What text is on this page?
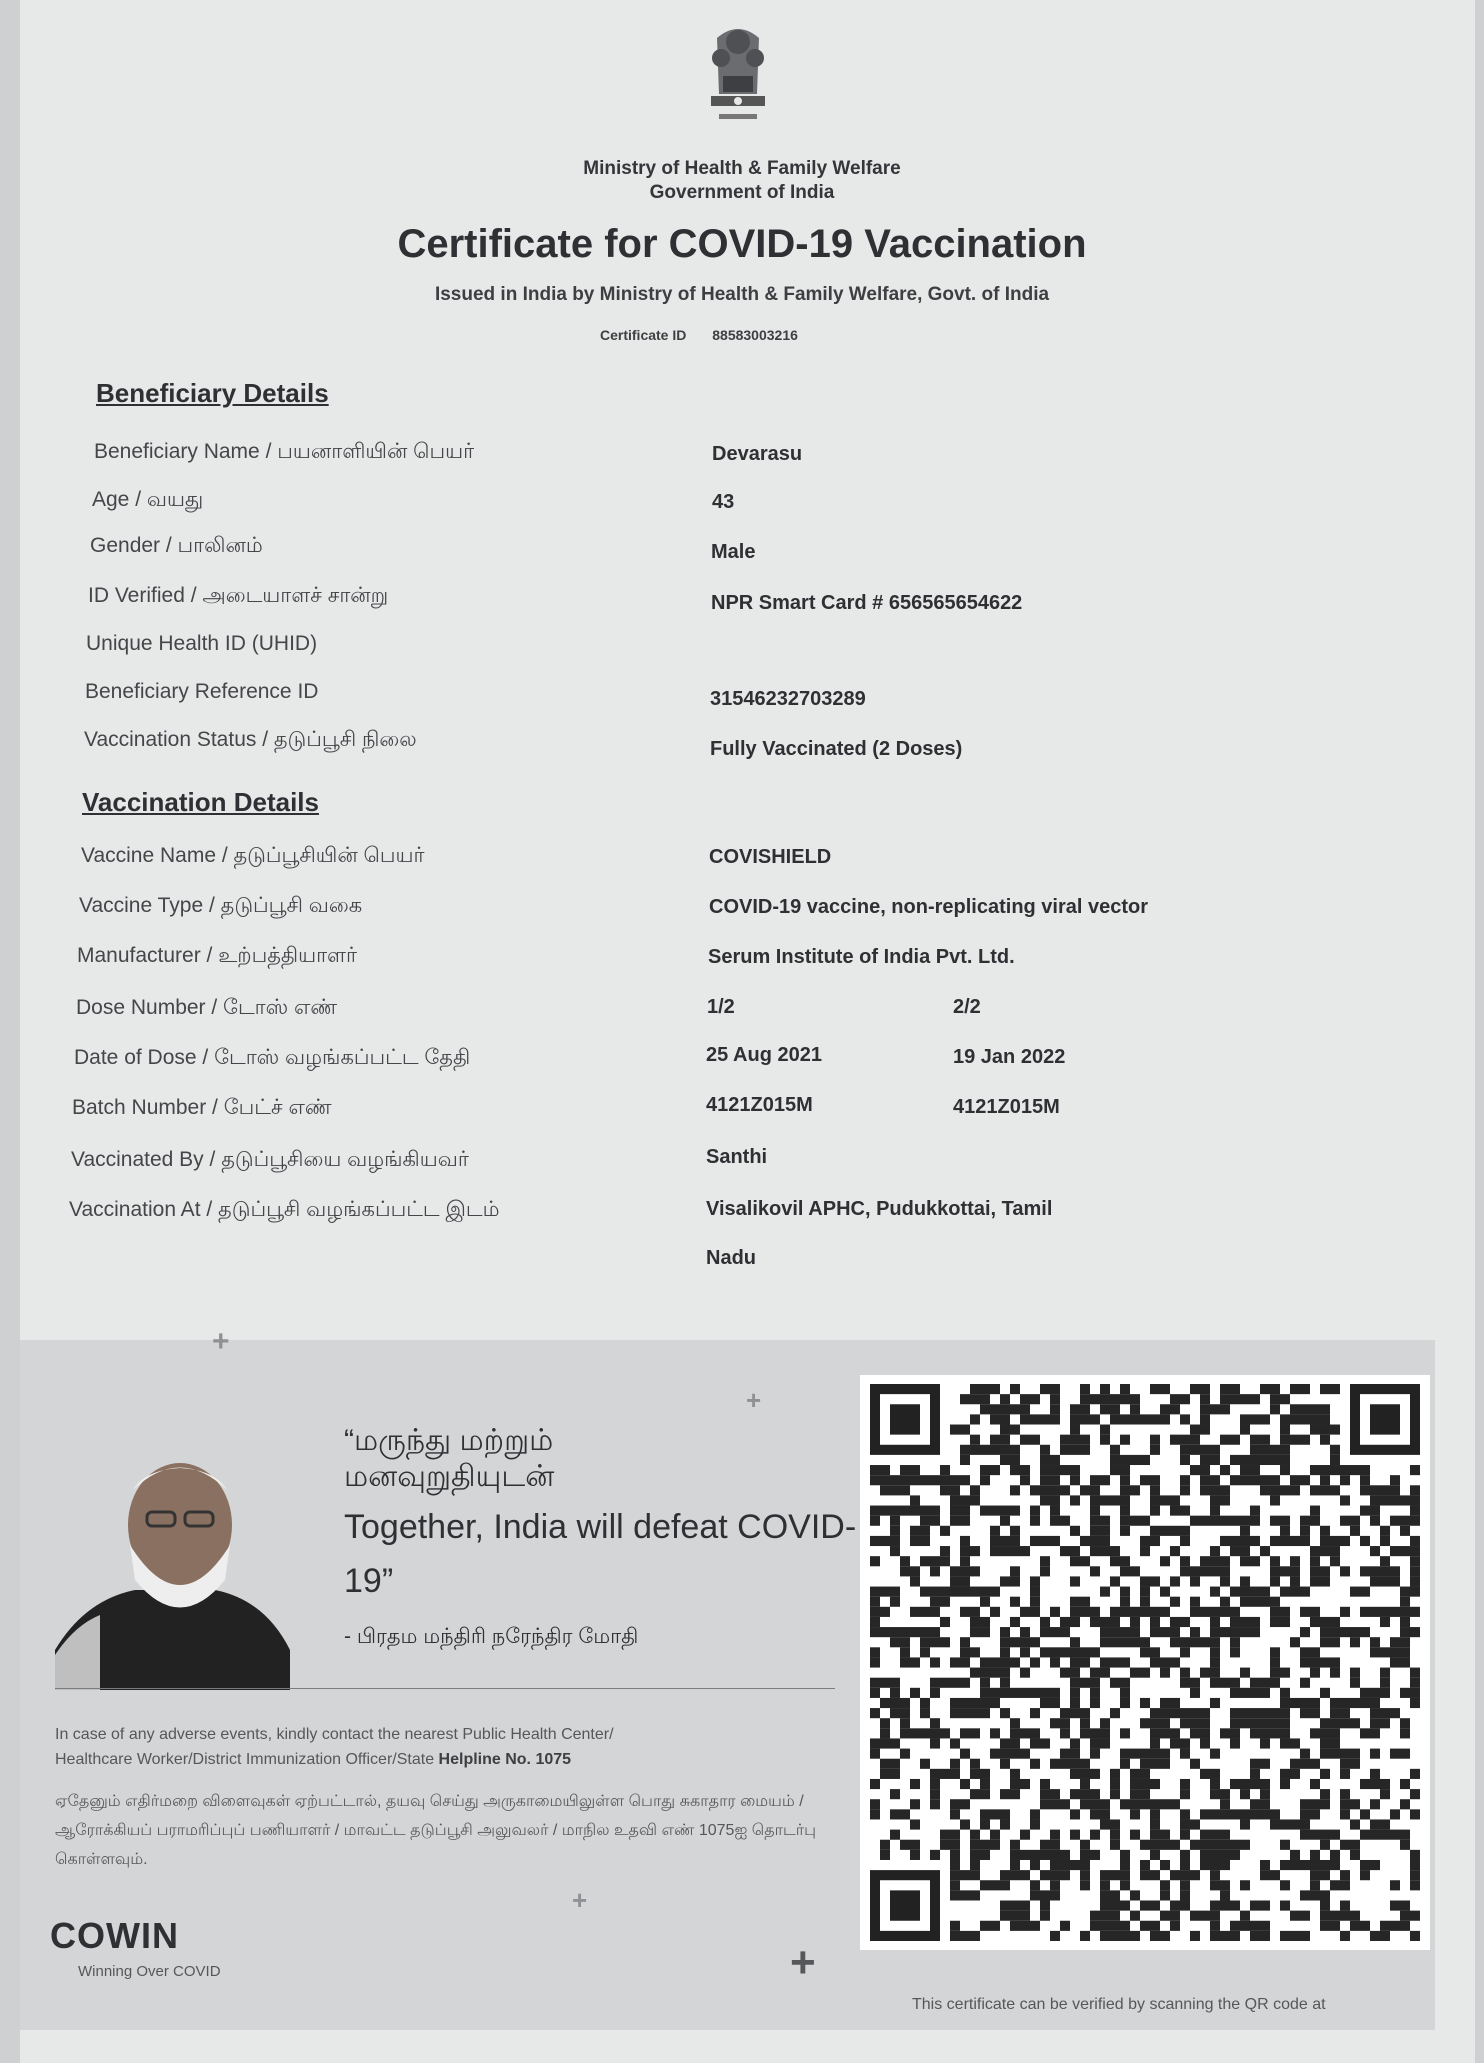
Ministry of Health & Family Welfare
Government of India
Certificate for COVID-19 Vaccination
Issued in India by Ministry of Health & Family Welfare, Govt. of India
Certificate ID 88583003216
Beneficiary Details
Beneficiary Name / பயனாளியின் பெயர்	Devarasu
Age / வயது	43
Gender / பாலினம்	Male
ID Verified / அடையாளச் சான்று	NPR Smart Card # 656565654622
Unique Health ID (UHID)
Beneficiary Reference ID	31546232703289
Vaccination Status / தடுப்பூசி நிலை	Fully Vaccinated (2 Doses)
Vaccination Details
Vaccine Name / தடுப்பூசியின் பெயர்	COVISHIELD
Vaccine Type / தடுப்பூசி வகை	COVID-19 vaccine, non-replicating viral vector
Manufacturer / உற்பத்தியாளர்	Serum Institute of India Pvt. Ltd.
Dose Number / டோஸ் எண்	1/2	2/2
Date of Dose / டோஸ் வழங்கப்பட்ட தேதி	25 Aug 2021	19 Jan 2022
Batch Number / பேட்ச் எண்	4121Z015M	4121Z015M
Vaccinated By / தடுப்பூசியை வழங்கியவர்	Santhi
Vaccination At / தடுப்பூசி வழங்கப்பட்ட இடம்	Visalikovil APHC, Pudukkottai, Tamil
Nadu
+
+
+
+
“மருந்து மற்றும்
மனவுறுதியுடன்
Together, India will defeat COVID-19”
- பிரதம மந்திரி நரேந்திர மோதி
In case of any adverse events, kindly contact the nearest Public Health Center/
Healthcare Worker/District Immunization Officer/State Helpline No. 1075
ஏதேனும் எதிர்மறை விளைவுகள் ஏற்பட்டால், தயவு செய்து அருகாமையிலுள்ள பொது சுகாதார மையம் / ஆரோக்கியப் பராமரிப்புப் பணியாளர் / மாவட்ட தடுப்பூசி அலுவலர் / மாநில உதவி எண் 1075ஐ தொடர்பு கொள்ளவும்.
COWIN
Winning Over COVID
This certificate can be verified by scanning the QR code at
